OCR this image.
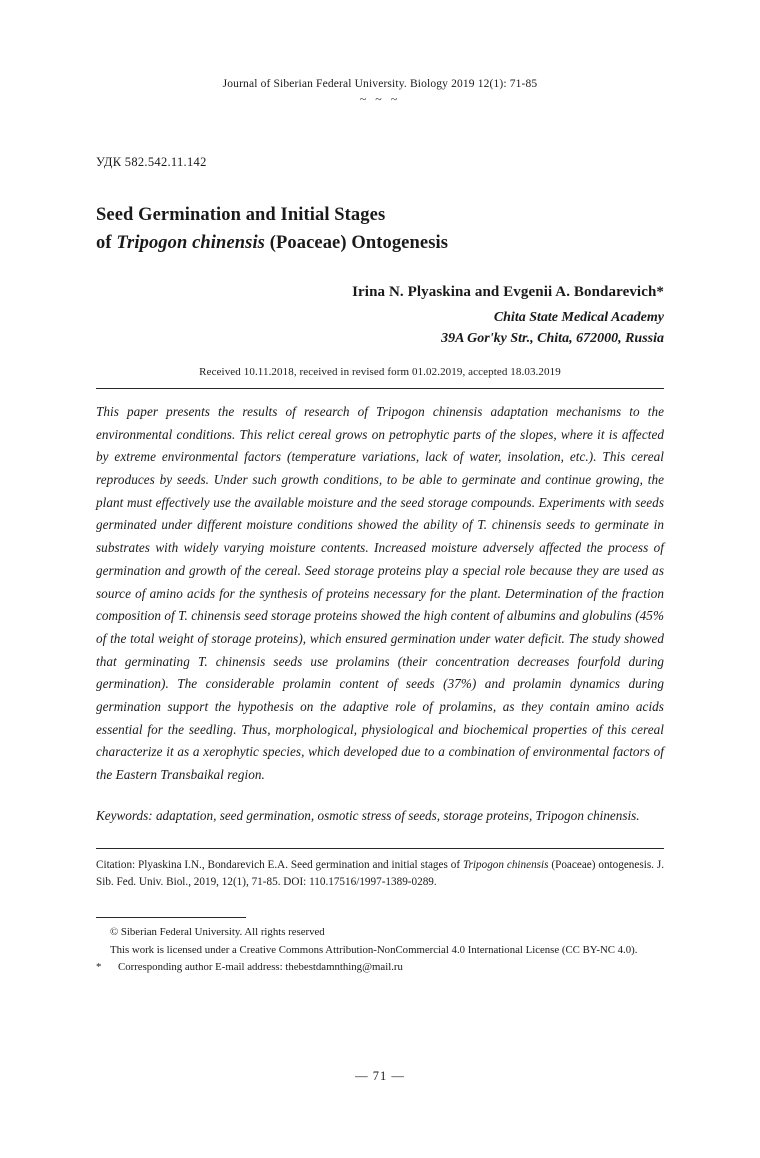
Journal of Siberian Federal University. Biology 2019 12(1): 71-85
~ ~ ~
УДК 582.542.11.142
Seed Germination and Initial Stages
of Tripogon chinensis (Poaceae) Ontogenesis
Irina N. Plyaskina and Evgenii A. Bondarevich*
Chita State Medical Academy
39A Gor'ky Str., Chita, 672000, Russia
Received 10.11.2018, received in revised form 01.02.2019, accepted 18.03.2019
This paper presents the results of research of Tripogon chinensis adaptation mechanisms to the environmental conditions. This relict cereal grows on petrophytic parts of the slopes, where it is affected by extreme environmental factors (temperature variations, lack of water, insolation, etc.). This cereal reproduces by seeds. Under such growth conditions, to be able to germinate and continue growing, the plant must effectively use the available moisture and the seed storage compounds. Experiments with seeds germinated under different moisture conditions showed the ability of T. chinensis seeds to germinate in substrates with widely varying moisture contents. Increased moisture adversely affected the process of germination and growth of the cereal. Seed storage proteins play a special role because they are used as source of amino acids for the synthesis of proteins necessary for the plant. Determination of the fraction composition of T. chinensis seed storage proteins showed the high content of albumins and globulins (45% of the total weight of storage proteins), which ensured germination under water deficit. The study showed that germinating T. chinensis seeds use prolamins (their concentration decreases fourfold during germination). The considerable prolamin content of seeds (37%) and prolamin dynamics during germination support the hypothesis on the adaptive role of prolamins, as they contain amino acids essential for the seedling. Thus, morphological, physiological and biochemical properties of this cereal characterize it as a xerophytic species, which developed due to a combination of environmental factors of the Eastern Transbaikal region.
Keywords: adaptation, seed germination, osmotic stress of seeds, storage proteins, Tripogon chinensis.
Citation: Plyaskina I.N., Bondarevich E.A. Seed germination and initial stages of Tripogon chinensis (Poaceae) ontogenesis. J. Sib. Fed. Univ. Biol., 2019, 12(1), 71-85. DOI: 110.17516/1997-1389-0289.
© Siberian Federal University. All rights reserved
This work is licensed under a Creative Commons Attribution-NonCommercial 4.0 International License (CC BY-NC 4.0).
* Corresponding author E-mail address: thebestdamnthing@mail.ru
— 71 —
